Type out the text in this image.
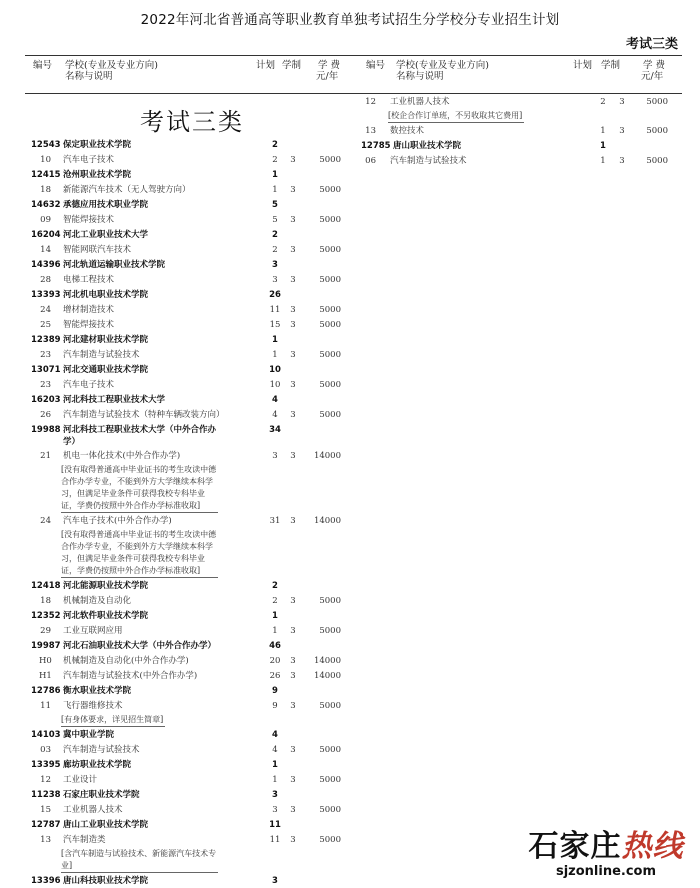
2022年河北省普通高等职业教育单独考试招生分学校分专业招生计划
考试三类
编号 学校(专业及专业方向)
名称与说明
计划 学制 学 费
元/年
编号 学校(专业及专业方向)
名称与说明
计划 学制 学 费
元/年
考试三类
12543 保定职业技术学院	2
10 汽车电子技术	2	3	5000
12415 沧州职业技术学院	1
18 新能源汽车技术（无人驾驶方向）	1	3	5000
14632 承德应用技术职业学院	5
09 智能焊接技术	5	3	5000
16204 河北工业职业技术大学	2
14 智能网联汽车技术	2	3	5000
14396 河北轨道运输职业技术学院	3
28 电梯工程技术	3	3	5000
13393 河北机电职业技术学院	26
24 增材制造技术	11 3	5000
25 智能焊接技术	15 3	5000
12389 河北建材职业技术学院	1
23 汽车制造与试验技术	1	3	5000
13071 河北交通职业技术学院	10
23 汽车电子技术	10 3	5000
16203 河北科技工程职业技术大学	4
26 汽车制造与试验技术（特种车辆改装方向）	4	3	5000
19988 河北科技工程职业技术大学（中外合作办	34
学）
21 机电一体化技术(中外合作办学)	3	3	14000
[没有取得普通高中毕业证书的考生攻读中德
合作办学专业，不能到外方大学继续本科学
习，但满足毕业条件可获得我校专科毕业
证，学费仍按照中外合作办学标准收取]
24 汽车电子技术(中外合作办学)	31 3	14000
[没有取得普通高中毕业证书的考生攻读中德
合作办学专业，不能到外方大学继续本科学
习，但满足毕业条件可获得我校专科毕业
证，学费仍按照中外合作办学标准收取]
12418 河北能源职业技术学院	2
18 机械制造及自动化	2	3	5000
12352 河北软件职业技术学院	1
29 工业互联网应用	1	3	5000
19987 河北石油职业技术大学（中外合作办学）	46
H0 机械制造及自动化(中外合作办学)	20 3	14000
H1 汽车制造与试验技术(中外合作办学)	26 3	14000
12786 衡水职业技术学院	9
11 飞行器维修技术	9	3	5000
[有身体要求，详见招生简章]
14103 冀中职业学院	4
03 汽车制造与试验技术	4	3	5000
13395 廊坊职业技术学院	1
12 工业设计	1	3	5000
11238 石家庄职业技术学院	3
15 工业机器人技术	3	3	5000
12787 唐山工业职业技术学院	11
13 汽车制造类	11 3	5000
[含汽车制造与试验技术、新能源汽车技术专
业]
13396 唐山科技职业技术学院	3
12 工业机器人技术	2	3	5000
[校企合作订单班，不另收取其它费用]
13 数控技术	1	3	5000
12785 唐山职业技术学院	1
06 汽车制造与试验技术	1	3	5000
石家庄热线
sjzonline.com
